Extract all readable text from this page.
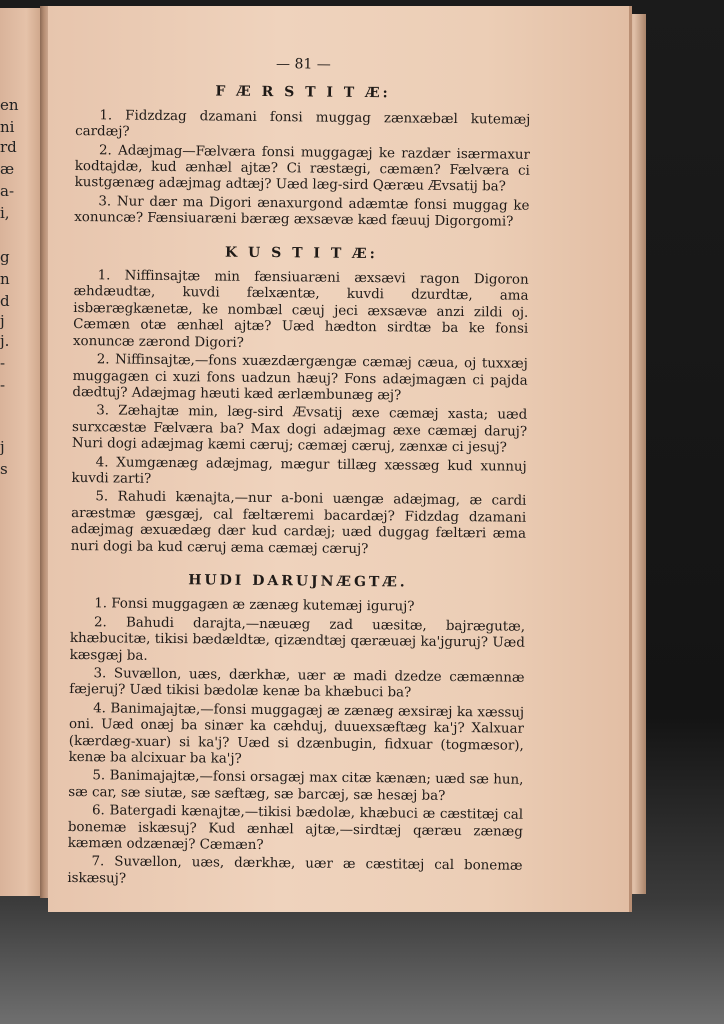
en
ni
rd
æ
a-
i,
g
n
d
j
j.
-
-
j
s
— 81 —
F Æ R S T I T Æ:

1. Fidzdzag dzamani fonsi muggag zænxæbæl kutemæj cardæj?

2. Adæjmag—Fælværa fonsi muggagæj ke razdær isærmaxur kodtajdæ, kud ænhæl ajtæ? Ci ræstægi, cæmæn? Fælværa ci kustgænæg adæjmag adtæj? Uæd læg-sird Qæræu Ævsatij ba?

3. Nur dær ma Digori ænaxurgond adæmtæ fonsi muggag ke xonuncæ? Fænsiuaræni bæræg æxsævæ kæd fæuuj Digorgomi?

K U S T I T Æ:

1. Niffinsajtæ min fænsiuaræni æxsævi ragon Digoron æhdæudtæ, kuvdi fælxæntæ, kuvdi dzurdtæ, ama isbærægkænetæ, ke nombæl cæuj jeci æxsævæ anzi zildi oj. Cæmæn otæ ænhæl ajtæ? Uæd hædton sirdtæ ba ke fonsi xonuncæ zærond Digori?

2. Niffinsajtæ,—fons xuæzdærgængæ cæmæj cæua, oj tuxxæj muggagæn ci xuzi fons uadzun hæuj? Fons adæjmagæn ci pajda dædtuj? Adæjmag hæuti kæd ærlæmbunæg æj?

3. Zæhajtæ min, læg-sird Ævsatij æxe cæmæj xasta; uæd surxcæstæ Fælværa ba? Max dogi adæjmag æxe cæmæj daruj? Nuri dogi adæjmag kæmi cæruj; cæmæj cæruj, zænxæ ci jesuj?

4. Xumgænæg adæjmag, mægur tillæg xæssæg kud xunnuj kuvdi zarti?

5. Rahudi kænajta,—nur a-boni uængæ adæjmag, æ cardi aræstmæ gæsgæj, cal fæltæremi bacardæj? Fidzdag dzamani adæjmag æxuædæg dær kud cardæj; uæd duggag fæltæri æma nuri dogi ba kud cæruj æma cæmæj cæruj?

HUDI DARUJNÆGTÆ.

1. Fonsi muggagæn æ zænæg kutemæj iguruj?

2. Bahudi darajta,—næuæg zad uæsitæ, bajrægutæ, khæbucitæ, tikisi bædældtæ, qizændtæj qæræuæj ka'jguruj? Uæd kæsgæj ba.

3. Suvællon, uæs, dærkhæ, uær æ madi dzedze cæmænnæ fæjeruj? Uæd tikisi bædolæ kenæ ba khæbuci ba?

4. Banimajajtæ,—fonsi muggagæj æ zænæg æxsiræj ka xæssuj oni. Uæd onæj ba sinær ka cæhduj, duuexsæftæg ka'j? Xalxuar (kærdæg-xuar) si ka'j? Uæd si dzænbugin, fidxuar (togmæsor), kenæ ba alcixuar ba ka'j?

5. Banimajajtæ,—fonsi orsagæj max citæ kænæn; uæd sæ hun, sæ car, sæ siutæ, sæ sæftæg, sæ barcæj, sæ hesæj ba?

6. Batergadi kænajtæ,—tikisi bædolæ, khæbuci æ cæstitæj cal bonemæ iskæsuj? Kud ænhæl ajtæ,—sirdtæj qæræu zænæg kæmæn odzænæj? Cæmæn?

7. Suvællon, uæs, dærkhæ, uær æ cæstitæj cal bonemæ iskæsuj?
